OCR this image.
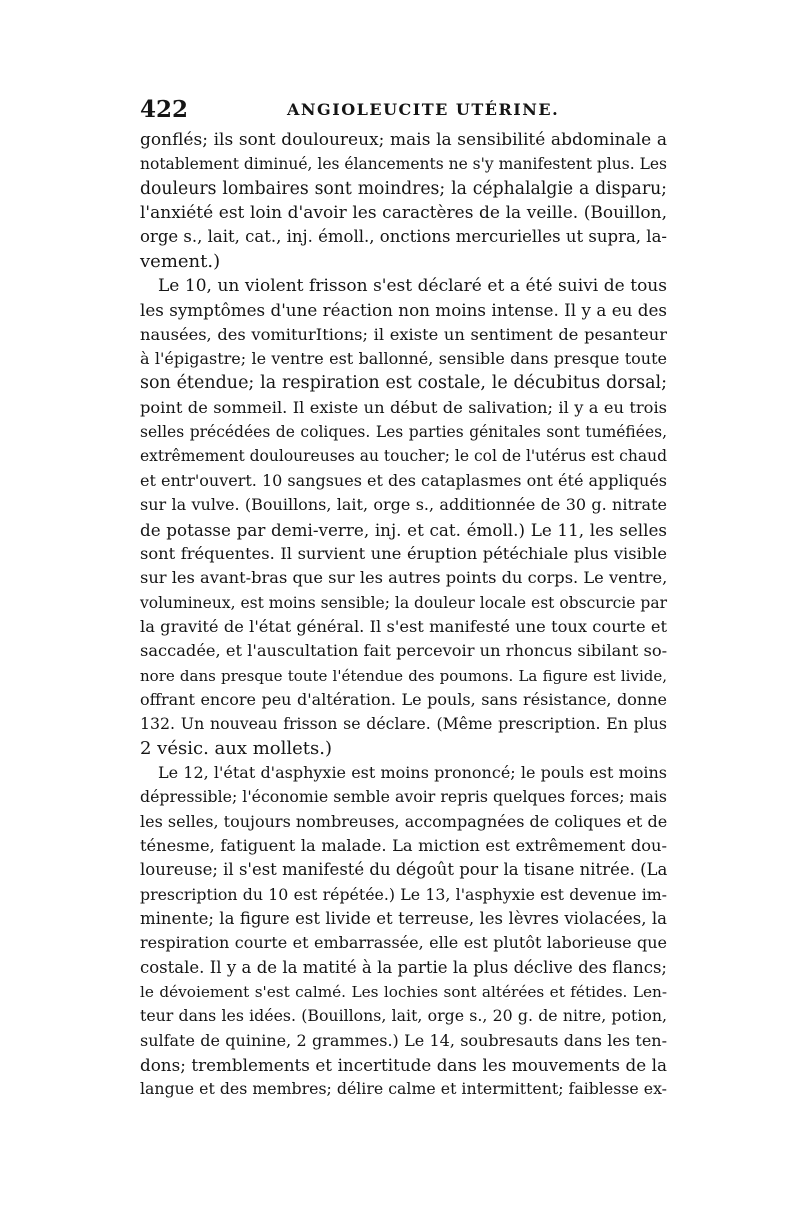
422	ANGIOLEUCITE UTÉRINE.
gonflés; ils sont douloureux; mais la sensibilité abdominale a
notablement diminué, les élancements ne s'y manifestent plus. Les
douleurs lombaires sont moindres; la céphalalgie a disparu;
l'anxiété est loin d'avoir les caractères de la veille. (Bouillon,
orge s., lait, cat., inj. émoll., onctions mercurielles ut supra, la-
vement.)
Le 10, un violent frisson s'est déclaré et a été suivi de tous
les symptômes d'une réaction non moins intense. Il y a eu des
nausées, des vomiturItions; il existe un sentiment de pesanteur
à l'épigastre; le ventre est ballonné, sensible dans presque toute
son étendue; la respiration est costale, le décubitus dorsal;
point de sommeil. Il existe un début de salivation; il y a eu trois
selles précédées de coliques. Les parties génitales sont tuméfiées,
extrêmement douloureuses au toucher; le col de l'utérus est chaud
et entr'ouvert. 10 sangsues et des cataplasmes ont été appliqués
sur la vulve. (Bouillons, lait, orge s., additionnée de 30 g. nitrate
de potasse par demi-verre, inj. et cat. émoll.) Le 11, les selles
sont fréquentes. Il survient une éruption pétéchiale plus visible
sur les avant-bras que sur les autres points du corps. Le ventre,
volumineux, est moins sensible; la douleur locale est obscurcie par
la gravité de l'état général. Il s'est manifesté une toux courte et
saccadée, et l'auscultation fait percevoir un rhoncus sibilant so-
nore dans presque toute l'étendue des poumons. La figure est livide,
offrant encore peu d'altération. Le pouls, sans résistance, donne
132. Un nouveau frisson se déclare. (Même prescription. En plus
2 vésic. aux mollets.)
Le 12, l'état d'asphyxie est moins prononcé; le pouls est moins
dépressible; l'économie semble avoir repris quelques forces; mais
les selles, toujours nombreuses, accompagnées de coliques et de
ténesme, fatiguent la malade. La miction est extrêmement dou-
loureuse; il s'est manifesté du dégoût pour la tisane nitrée. (La
prescription du 10 est répétée.) Le 13, l'asphyxie est devenue im-
minente; la figure est livide et terreuse, les lèvres violacées, la
respiration courte et embarrassée, elle est plutôt laborieuse que
costale. Il y a de la matité à la partie la plus déclive des flancs;
le dévoiement s'est calmé. Les lochies sont altérées et fétides. Len-
teur dans les idées. (Bouillons, lait, orge s., 20 g. de nitre, potion,
sulfate de quinine, 2 grammes.) Le 14, soubresauts dans les ten-
dons; tremblements et incertitude dans les mouvements de la
langue et des membres; délire calme et intermittent; faiblesse ex-
